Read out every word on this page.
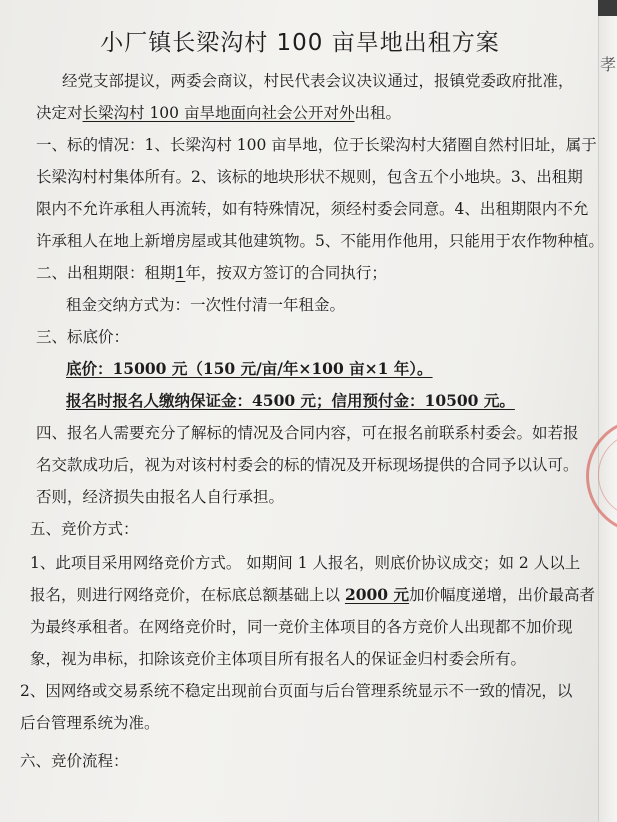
孝
小厂镇长梁沟村 100 亩旱地出租方案
经党支部提议，两委会商议，村民代表会议决议通过，报镇党委政府批准，
决定对长梁沟村 100 亩旱地面向社会公开对外出租。
一、标的情况：1、长梁沟村 100 亩旱地，位于长梁沟村大猪圈自然村旧址，属于
长梁沟村村集体所有。2、该标的地块形状不规则，包含五个小地块。3、出租期
限内不允许承租人再流转，如有特殊情况，须经村委会同意。4、出租期限内不允
许承租人在地上新增房屋或其他建筑物。5、不能用作他用，只能用于农作物种植。
二、出租期限：租期1年，按双方签订的合同执行；
租金交纳方式为：一次性付清一年租金。
三、标底价：
底价：15000 元（150 元/亩/年×100 亩×1 年）。
报名时报名人缴纳保证金：4500 元；信用预付金：10500 元。
四、报名人需要充分了解标的情况及合同内容，可在报名前联系村委会。如若报
名交款成功后，视为对该村村委会的标的情况及开标现场提供的合同予以认可。
否则，经济损失由报名人自行承担。
五、竞价方式：
1、此项目采用网络竞价方式。 如期间 1 人报名，则底价协议成交；如 2 人以上
报名，则进行网络竞价，在标底总额基础上以 2000 元加价幅度递增，出价最高者
为最终承租者。在网络竞价时，同一竞价主体项目的各方竞价人出现都不加价现
象，视为串标，扣除该竞价主体项目所有报名人的保证金归村委会所有。
2、因网络或交易系统不稳定出现前台页面与后台管理系统显示不一致的情况，以
后台管理系统为准。
六、竞价流程：
